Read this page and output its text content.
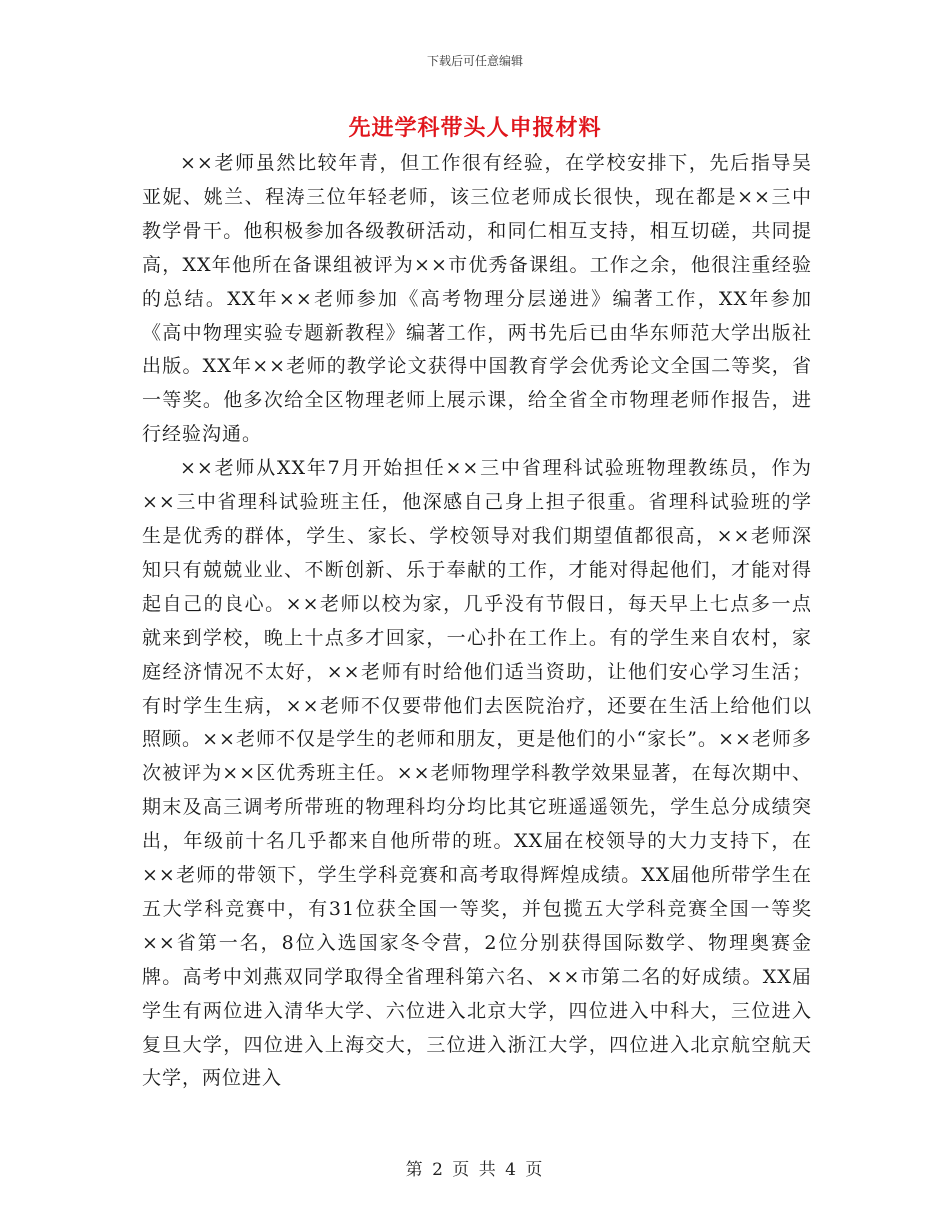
下载后可任意编辑
先进学科带头人申报材料

××老师虽然比较年青，但工作很有经验，在学校安排下，先后指导吴亚妮、姚兰、程涛三位年轻老师，该三位老师成长很快，现在都是××三中教学骨干。他积极参加各级教研活动，和同仁相互支持，相互切磋，共同提高，XX年他所在备课组被评为××市优秀备课组。工作之余，他很注重经验的总结。XX年××老师参加《高考物理分层递进》编著工作，XX年参加《高中物理实验专题新教程》编著工作，两书先后已由华东师范大学出版社出版。XX年××老师的教学论文获得中国教育学会优秀论文全国二等奖，省一等奖。他多次给全区物理老师上展示课，给全省全市物理老师作报告，进行经验沟通。

××老师从XX年7月开始担任××三中省理科试验班物理教练员，作为××三中省理科试验班主任，他深感自己身上担子很重。省理科试验班的学生是优秀的群体，学生、家长、学校领导对我们期望值都很高，××老师深知只有兢兢业业、不断创新、乐于奉献的工作，才能对得起他们，才能对得起自己的良心。××老师以校为家，几乎没有节假日，每天早上七点多一点就来到学校，晚上十点多才回家，一心扑在工作上。有的学生来自农村，家庭经济情况不太好，××老师有时给他们适当资助，让他们安心学习生活；有时学生生病，××老师不仅要带他们去医院治疗，还要在生活上给他们以照顾。××老师不仅是学生的老师和朋友，更是他们的小“家长”。××老师多次被评为××区优秀班主任。××老师物理学科教学效果显著，在每次期中、期末及高三调考所带班的物理科均分均比其它班遥遥领先，学生总分成绩突出，年级前十名几乎都来自他所带的班。XX届在校领导的大力支持下，在××老师的带领下，学生学科竞赛和高考取得辉煌成绩。XX届他所带学生在五大学科竞赛中，有31位获全国一等奖，并包揽五大学科竞赛全国一等奖××省第一名，8位入选国家冬令营，2位分别获得国际数学、物理奥赛金牌。高考中刘燕双同学取得全省理科第六名、××市第二名的好成绩。XX届学生有两位进入清华大学、六位进入北京大学，四位进入中科大，三位进入复旦大学，四位进入上海交大，三位进入浙江大学，四位进入北京航空航天大学，两位进入

第 2 页 共 4 页
